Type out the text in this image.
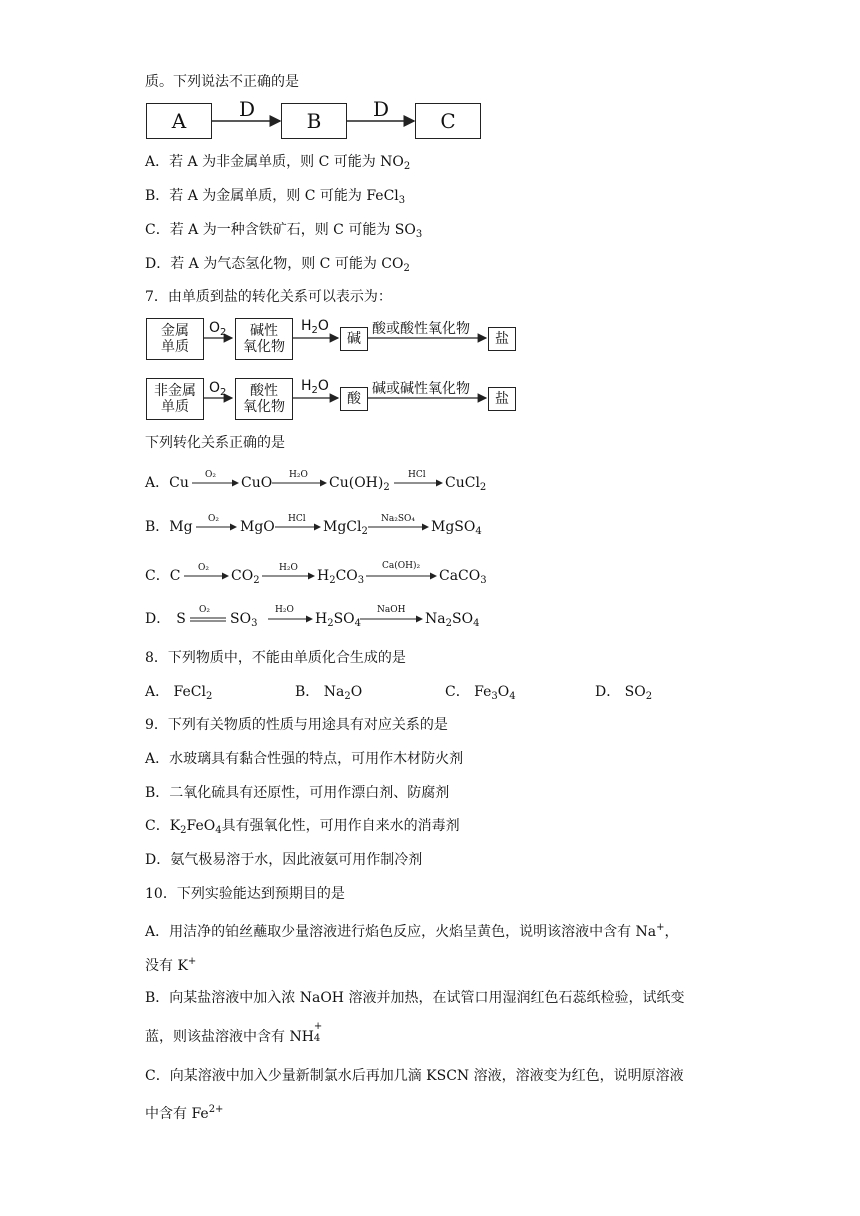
质。下列说法不正确的是
A	B	C
D	D
A．若 A 为非金属单质，则 C 可能为 $NO_2$
B．若 A 为金属单质，则 C 可能为 FeCl$_3$
C．若 A 为一种含铁矿石，则 C 可能为 $SO_3$
D．若 A 为气态氢化物，则 C 可能为 $CO_2$
7．由单质到盐的转化关系可以表示为：
金属
单质
$O_2$	碱性
氧化物
$H_2O$
碱
酸或酸性氧化物
盐
非金属
单质
$O_2$	酸性
氧化物
$H_2O$
酸
碱或碱性氧化物
盐
下列转化关系正确的是
A．Cu O₂ CuO H₂O $Cu(OH)_2$
HCl CuCl$_2$
B．Mg O₂ MgO HCl MgCl$_2$
Na₂SO₄ MgSO$_4$
C．C O₂ $CO_2$
H₂O $H_2CO_3$
Ca(OH)₂
CaCO$_3$
D． S
O₂
$SO_3$
H₂O
$H_2SO_4$
NaOH
$Na_2SO_4$
8．下列物质中，不能由单质化合生成的是
A． FeCl$_2$	B． $Na_2O$	C． $Fe_3O_4$	D． $SO_2$
9．下列有关物质的性质与用途具有对应关系的是
A．水玻璃具有黏合性强的特点，可用作木材防火剂
B．二氧化硫具有还原性，可用作漂白剂、防腐剂
C．$K_2FeO_4$具有强氧化性，可用作自来水的消毒剂
D．氨气极易溶于水，因此液氨可用作制冷剂
10．下列实验能达到预期目的是
A．用洁净的铂丝蘸取少量溶液进行焰色反应，火焰呈黄色，说明该溶液中含有 Na+，
没有 K+
B．向某盐溶液中加入浓 NaOH 溶液并加热，在试管口用湿润红色石蕊纸检验，试纸变
蓝，则该盐溶液中含有 NH
+
4
C．向某溶液中加入少量新制氯水后再加几滴 KSCN 溶液，溶液变为红色，说明原溶液
中含有 $Fe^{2+}$
